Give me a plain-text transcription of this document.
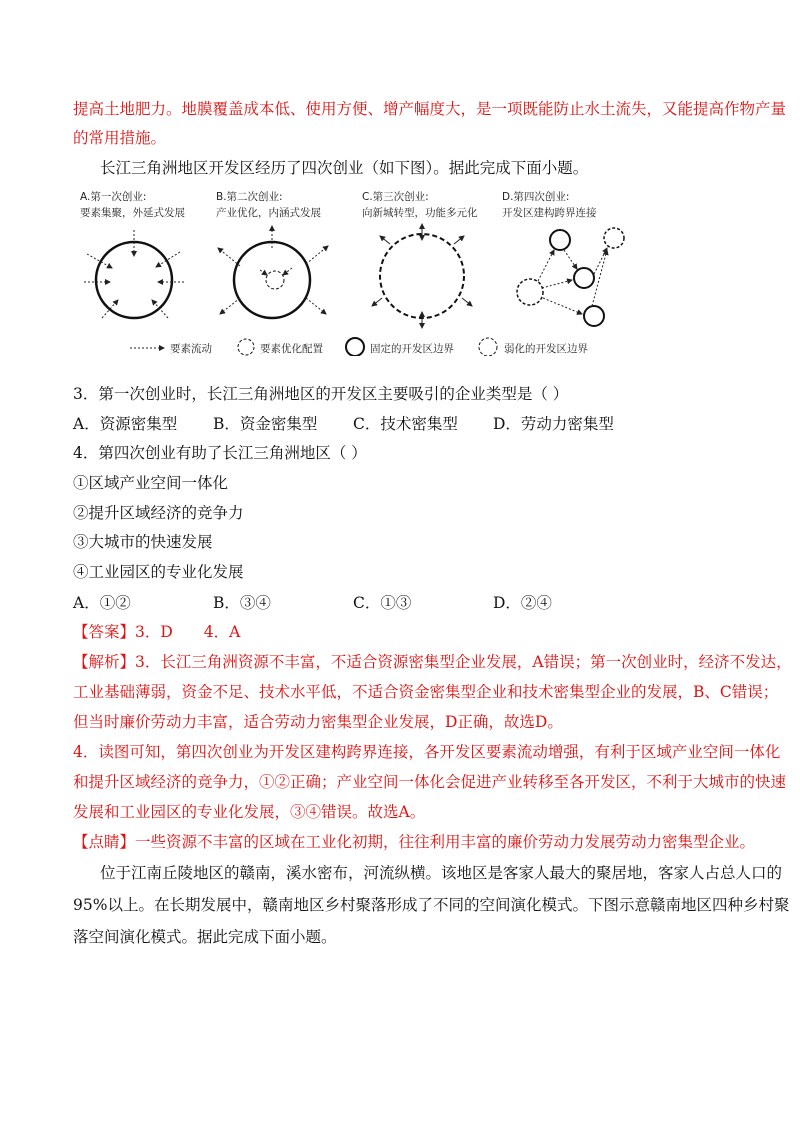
提高土地肥力。地膜覆盖成本低、使用方便、增产幅度大，是一项既能防止水土流失，又能提高作物产量
的常用措施。
长江三角洲地区开发区经历了四次创业（如下图）。据此完成下面小题。
A.第一次创业:
要素集聚，外延式发展
B.第二次创业:
产业优化，内涵式发展
C.第三次创业:
向新城转型，功能多元化
D.第四次创业:
开发区建构跨界连接
要素流动	要素优化配置	固定的开发区边界	弱化的开发区边界
3．第一次创业时，长江三角洲地区的开发区主要吸引的企业类型是（ ）
A．资源密集型 B．资金密集型 C．技术密集型 D．劳动力密集型
4．第四次创业有助了长江三角洲地区（ ）
①区域产业空间一体化
②提升区域经济的竞争力
③大城市的快速发展
④工业园区的专业化发展
A．①②	B．③④	C．①③	D．②④
【答案】3．D　　4．A
【解析】3．长江三角洲资源不丰富，不适合资源密集型企业发展，A错误；第一次创业时，经济不发达，
工业基础薄弱，资金不足、技术水平低，不适合资金密集型企业和技术密集型企业的发展，B、C错误；
但当时廉价劳动力丰富，适合劳动力密集型企业发展，D正确，故选D。
4．读图可知，第四次创业为开发区建构跨界连接，各开发区要素流动增强，有利于区域产业空间一体化
和提升区域经济的竞争力，①②正确；产业空间一体化会促进产业转移至各开发区，不利于大城市的快速
发展和工业园区的专业化发展，③④错误。故选A。
【点睛】一些资源不丰富的区域在工业化初期，往往利用丰富的廉价劳动力发展劳动力密集型企业。
位于江南丘陵地区的赣南，溪水密布，河流纵横。该地区是客家人最大的聚居地，客家人占总人口的
95%以上。在长期发展中，赣南地区乡村聚落形成了不同的空间演化模式。下图示意赣南地区四种乡村聚
落空间演化模式。据此完成下面小题。
